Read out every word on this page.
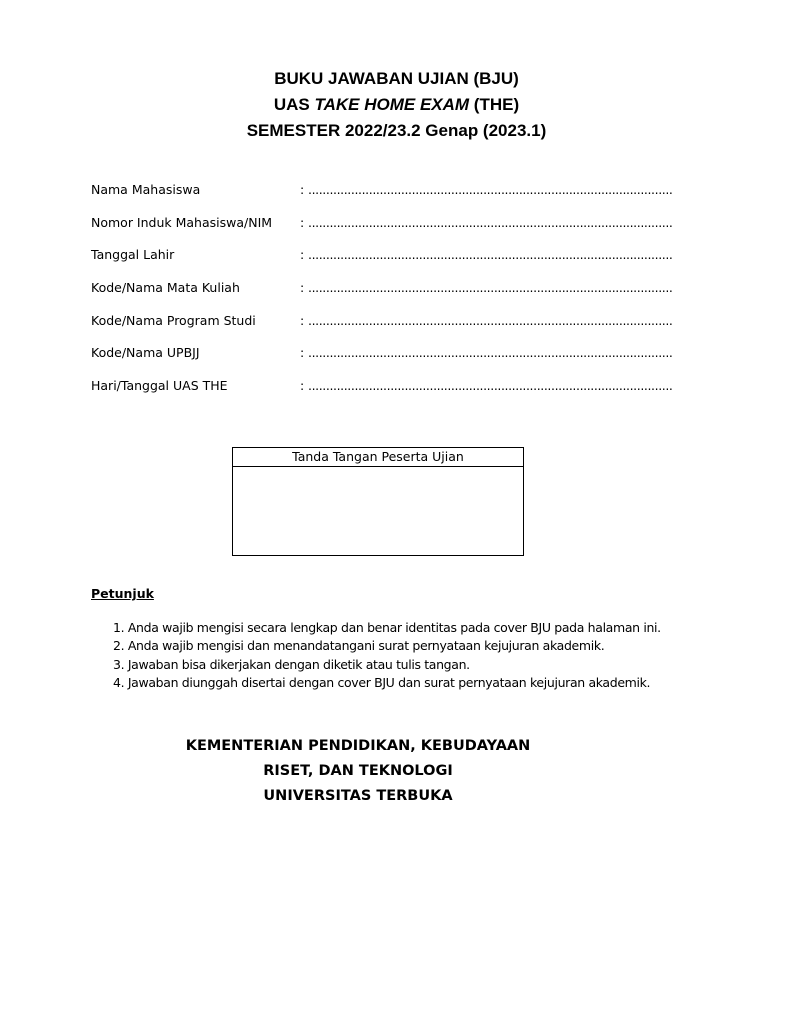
BUKU JAWABAN UJIAN (BJU)
UAS TAKE HOME EXAM (THE)
SEMESTER 2022/23.2 Genap (2023.1)
Nama Mahasiswa	: ......................................................................................................
Nomor Induk Mahasiswa/NIM : ......................................................................................................
Tanggal Lahir	: ......................................................................................................
Kode/Nama Mata Kuliah	: ......................................................................................................
Kode/Nama Program Studi	: ......................................................................................................
Kode/Nama UPBJJ	: ......................................................................................................
Hari/Tanggal UAS THE	: ......................................................................................................
Tanda Tangan Peserta Ujian
Petunjuk
1. Anda wajib mengisi secara lengkap dan benar identitas pada cover BJU pada halaman ini.
2. Anda wajib mengisi dan menandatangani surat pernyataan kejujuran akademik.
3. Jawaban bisa dikerjakan dengan diketik atau tulis tangan.
4. Jawaban diunggah disertai dengan cover BJU dan surat pernyataan kejujuran akademik.
KEMENTERIAN PENDIDIKAN, KEBUDAYAAN
RISET, DAN TEKNOLOGI
UNIVERSITAS TERBUKA
